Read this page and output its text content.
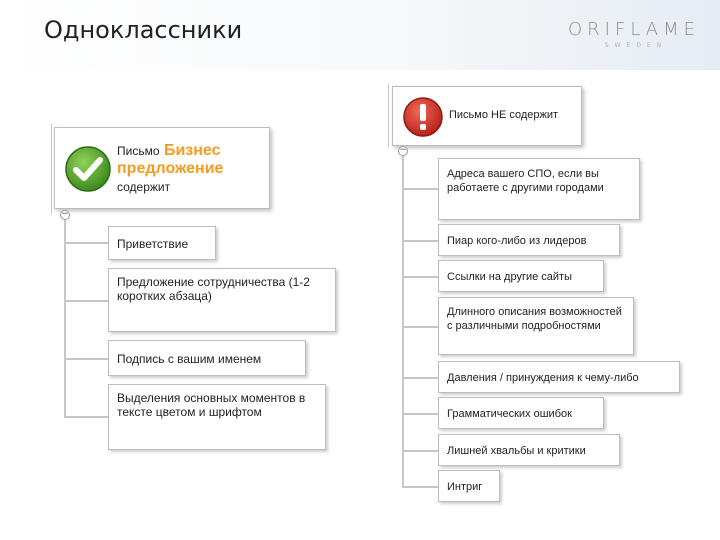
Одноклассники	ORIFLAME
SWEDEN
Письмо Бизнес
предложение
содержит
−
Приветствие
Предложение сотрудничества (1-2 коротких абзаца)
Подпись с вашим именем
Выделения основных моментов в тексте цветом и шрифтом
Письмо НЕ содержит
−
Адреса вашего СПО, если вы работаете с другими городами
Пиар кого-либо из лидеров
Ссылки на другие сайты
Длинного описания возможностей с различными подробностями
Давления / принуждения к чему-либо
Грамматических ошибок
Лишней хвальбы и критики
Интриг
